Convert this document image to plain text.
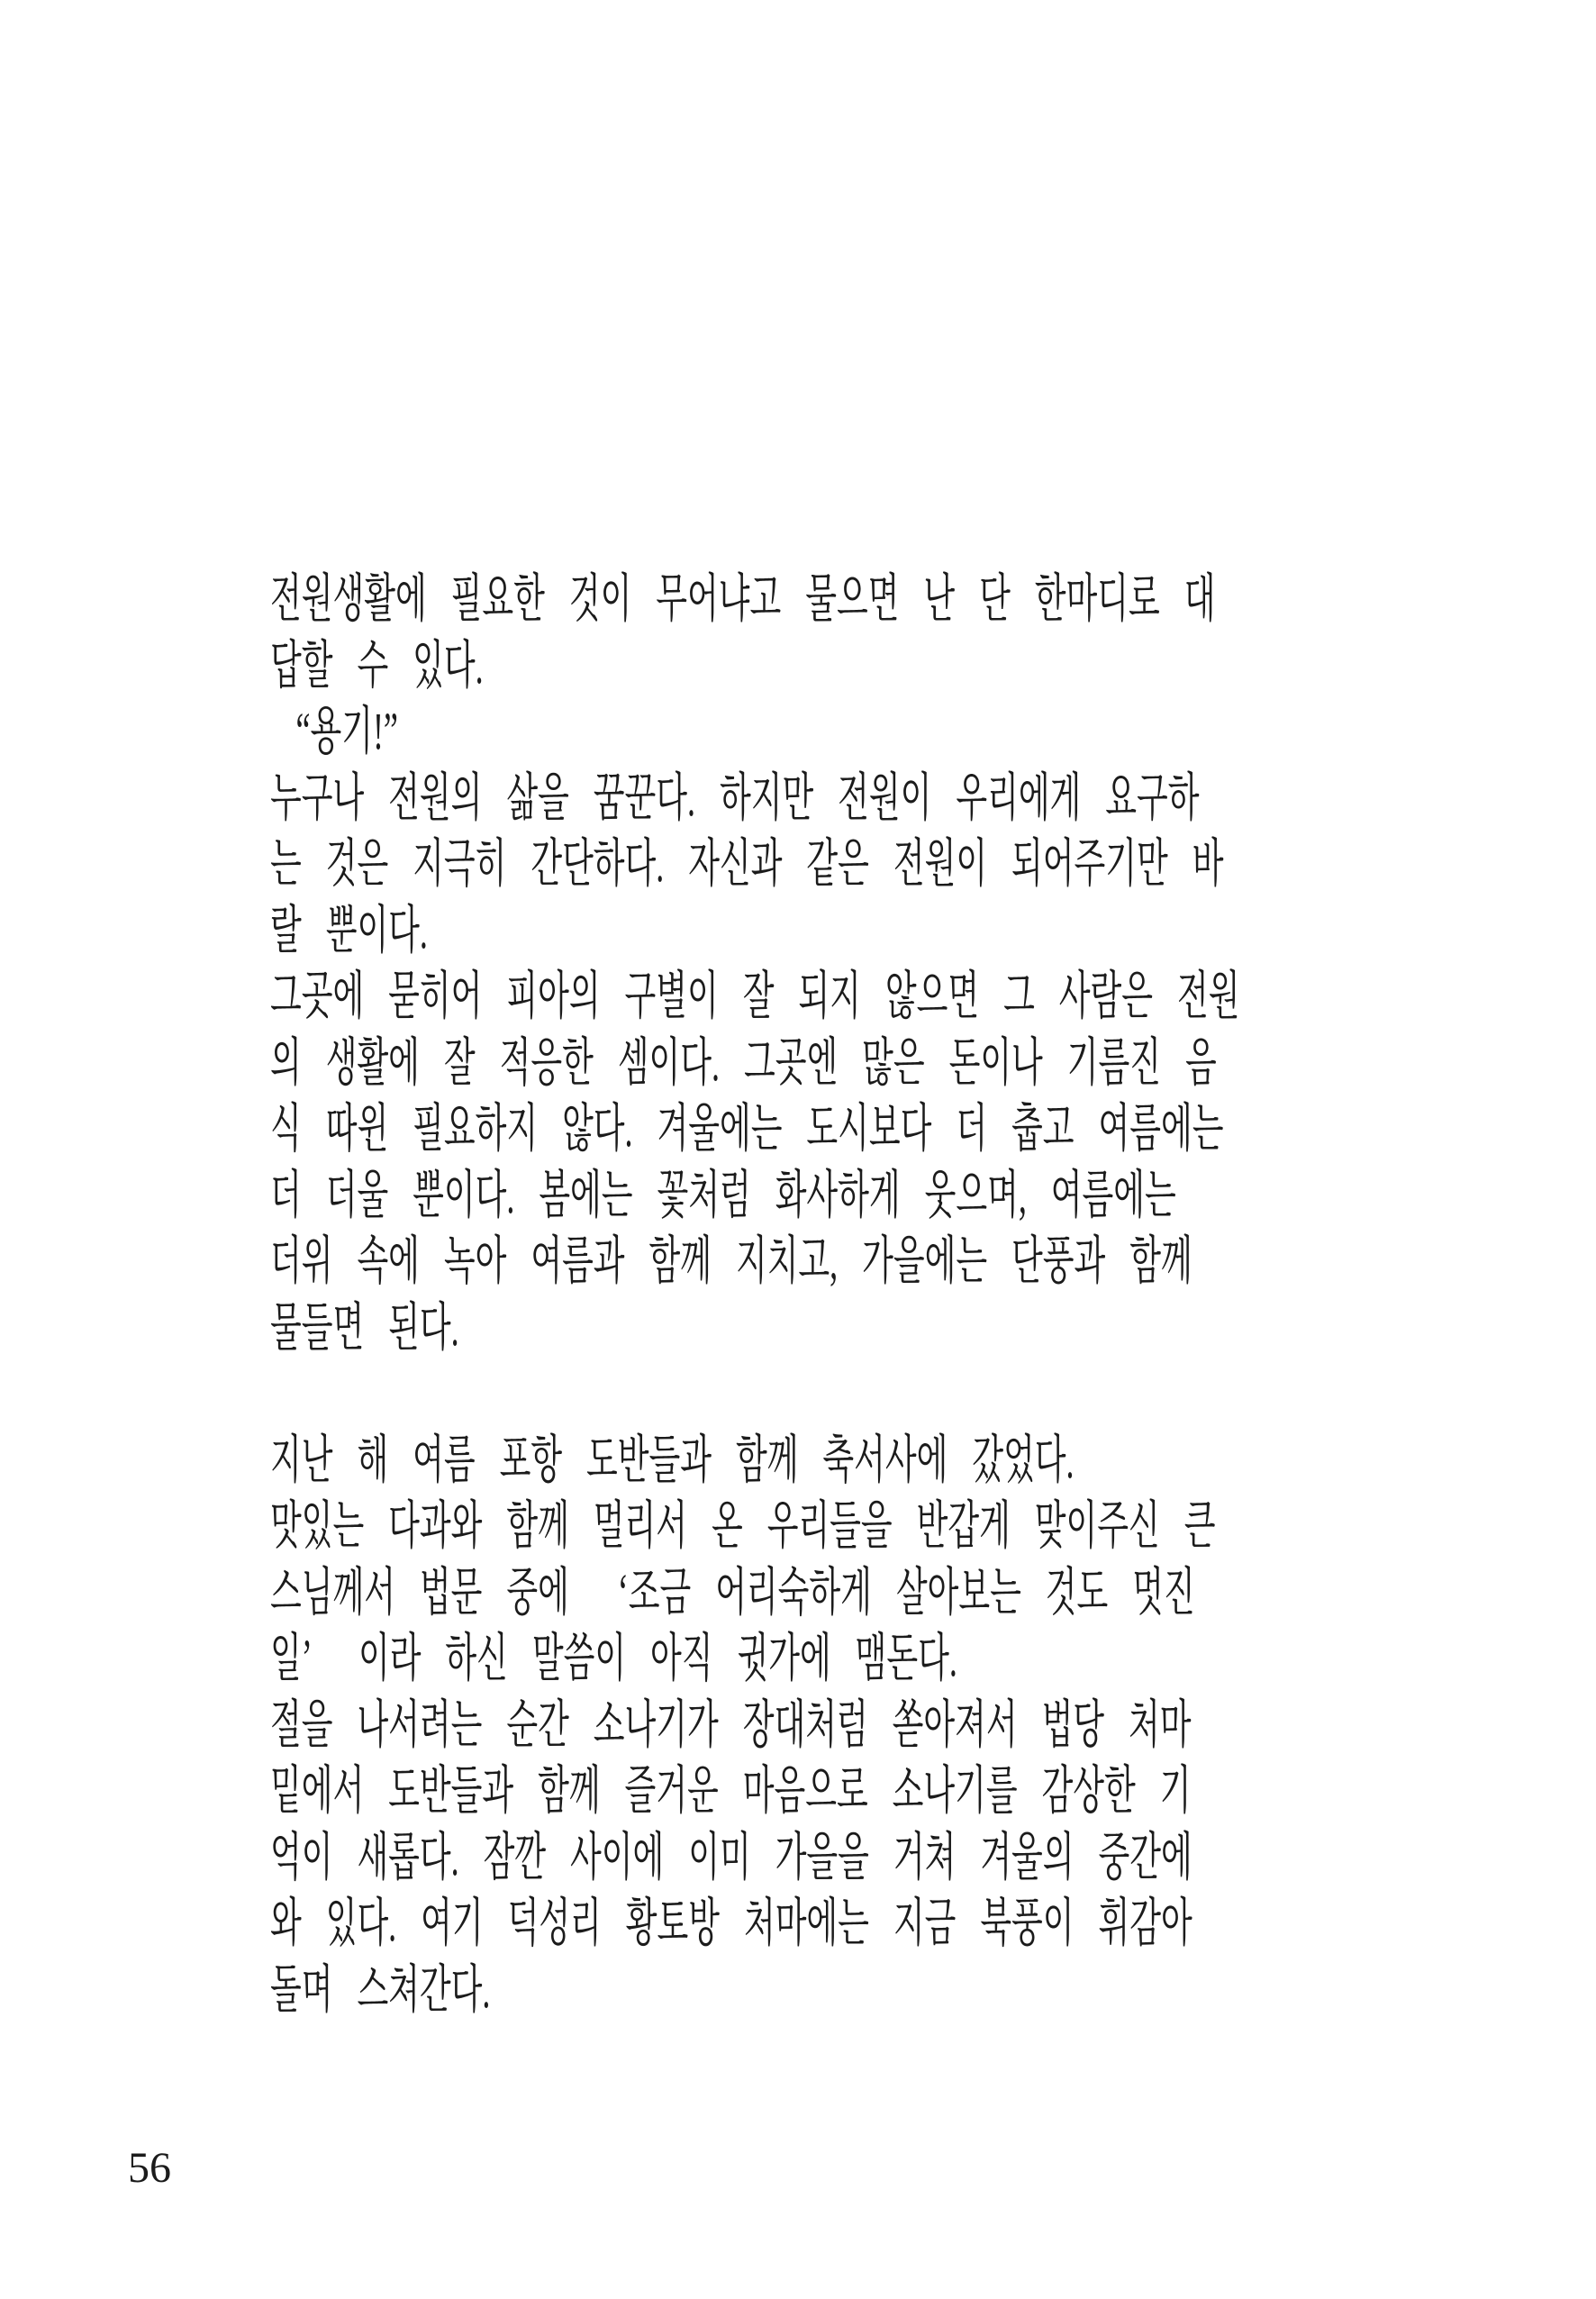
전원생활에 필요한 것이 무어냐고 물으면 난 단 한마디로 대
답할 수 있다.
“용기!”
누구나 전원의 삶을 꿈꾼다. 하지만 전원이 우리에게 요구하
는 것은 지극히 간단하다. 자신과 같은 전원이 되어주기만 바
랄 뿐이다.
그곳에 묻히어 피아의 구별이 잘 되지 않으면 그 사람은 전원
의 생활에 잘 적응한 셈이다. 그곳엔 많은 돈이나 기름진 음
식 따윈 필요하지 않다. 겨울에는 도시보다 더 춥고 여름에는
더 더울 뿐이다. 봄에는 꽃처럼 화사하게 웃으며, 여름에는
더위 속에 녹아 여름과 함께 지치고, 가을에는 단풍과 함께
물들면 된다.
지난 해 여름 포항 도반들과 함께 축서사에 갔었다.
맛있는 다과와 함께 멀리서 온 우리들을 반갑게 맞이주신 큰
스님께서 법문 중에  ‘조금 어리숙하게 살아보는 것도 멋진
일’  이라 하신 말씀이 아직 귓가에 맴돈다.
절을 나서려는 순간 소나기가 장대처럼 쏟아져서 법당 처마
밑에서 도반들과 함께 즐거운 마음으로 소나기를 감상한 기
억이 새롭다. 잠깐 사이에 이미 가을을 거쳐 겨울의 중간에
와 있다. 여기 덕성리 황토방 처마에는 지금 북풍이 휘감아
돌며 스쳐간다.
56
